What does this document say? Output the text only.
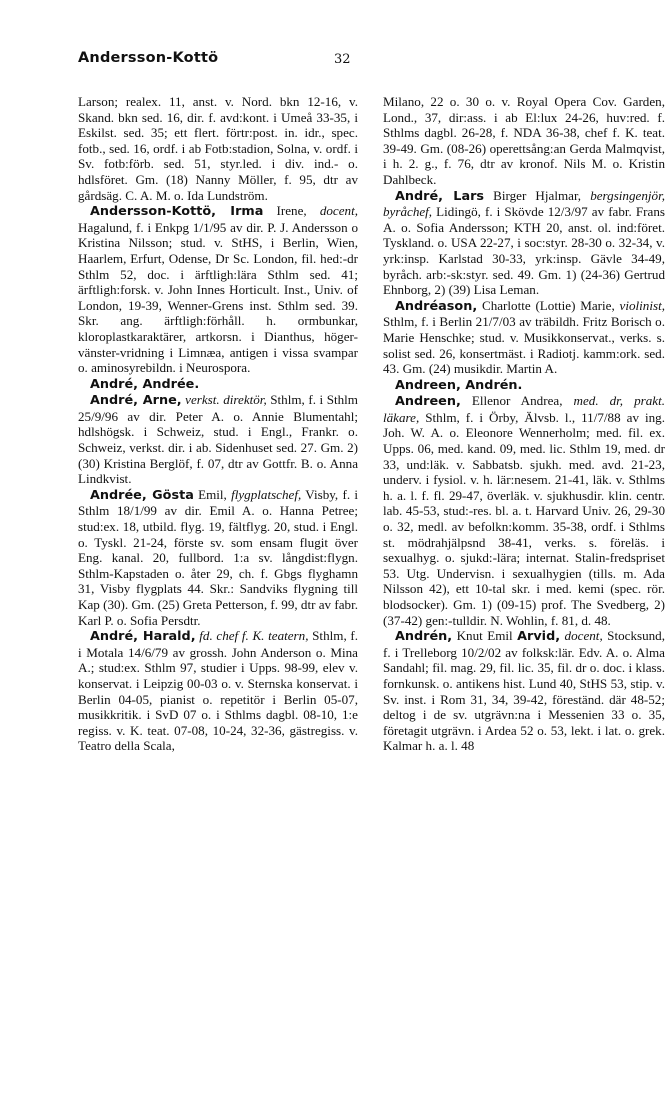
Andersson-Kottö	32

Larson; realex. 11, anst. v. Nord. bkn 12-16, v. Skand. bkn sed. 16, dir. f. avd:kont. i Umeå 33-35, i Eskilst. sed. 35; ett flert. förtr:post. in. idr., spec. fotb., sed. 16, ordf. i ab Fotb:stadion, Solna, v. ordf. i Sv. fotb:förb. sed. 51, styr.led. i div. ind.- o. hdlsföret. Gm. (18) Nanny Möller, f. 95, dtr av gårdsäg. C. A. M. o. Ida Lundström.

Andersson-Kottö, Irma Irene, docent, Hagalund, f. i Enkpg 1/1/95 av dir. P. J. Andersson o Kristina Nilsson; stud. v. StHS, i Berlin, Wien, Haarlem, Erfurt, Odense, Dr Sc. London, fil. hed:-dr Sthlm 52, doc. i ärftligh:lära Sthlm sed. 41; ärftligh:forsk. v. John Innes Horticult. Inst., Univ. of London, 19-39, Wenner-Grens inst. Sthlm sed. 39. Skr. ang. ärftligh:förhåll. h. ormbunkar, kloroplastkaraktärer, artkorsn. i Dianthus, höger-vänster-vridning i Limnæa, antigen i vissa svampar o. aminosyrebildn. i Neurospora.

André, Andrée.

André, Arne, verkst. direktör, Sthlm, f. i Sthlm 25/9/96 av dir. Peter A. o. Annie Blumentahl; hdlshögsk. i Schweiz, stud. i Engl., Frankr. o. Schweiz, verkst. dir. i ab. Sidenhuset sed. 27. Gm. 2) (30) Kristina Berglöf, f. 07, dtr av Gottfr. B. o. Anna Lindkvist.

Andrée, Gösta Emil, flygplatschef, Visby, f. i Sthlm 18/1/99 av dir. Emil A. o. Hanna Petree; stud:ex. 18, utbild. flyg. 19, fältflyg. 20, stud. i Engl. o. Tyskl. 21-24, förste sv. som ensam flugit över Eng. kanal. 20, fullbord. 1:a sv. långdist:flygn. Sthlm-Kapstaden o. åter 29, ch. f. Gbgs flyghamn 31, Visby flygplats 44. Skr.: Sandviks flygning till Kap (30). Gm. (25) Greta Petterson, f. 99, dtr av fabr. Karl P. o. Sofia Persdtr.

André, Harald, fd. chef f. K. teatern, Sthlm, f. i Motala 14/6/79 av grossh. John Anderson o. Mina A.; stud:ex. Sthlm 97, studier i Upps. 98-99, elev v. konservat. i Leipzig 00-03 o. v. Sternska konservat. i Berlin 04-05, pianist o. repetitör i Berlin 05-07, musikkritik. i SvD 07 o. i Sthlms dagbl. 08-10, 1:e regiss. v. K. teat. 07-08, 10-24, 32-36, gästregiss. v. Teatro della Scala,

Milano, 22 o. 30 o. v. Royal Opera Cov. Garden, Lond., 37, dir:ass. i ab El:lux 24-26, huv:red. f. Sthlms dagbl. 26-28, f. NDA 36-38, chef f. K. teat. 39-49. Gm. (08-26) operettsång:an Gerda Malmqvist, i h. 2. g., f. 76, dtr av kronof. Nils M. o. Kristin Dahlbeck.

André, Lars Birger Hjalmar, bergsingenjör, byråchef, Lidingö, f. i Skövde 12/3/97 av fabr. Frans A. o. Sofia Andersson; KTH 20, anst. ol. ind:föret. Tyskland. o. USA 22-27, i soc:styr. 28-30 o. 32-34, v. yrk:insp. Karlstad 30-33, yrk:insp. Gävle 34-49, byråch. arb:-sk:styr. sed. 49. Gm. 1) (24-36) Gertrud Ehnborg, 2) (39) Lisa Leman.

Andréason, Charlotte (Lottie) Marie, violinist, Sthlm, f. i Berlin 21/7/03 av träbildh. Fritz Borisch o. Marie Henschke; stud. v. Musikkonservat., verks. s. solist sed. 26, konsertmäst. i Radiotj. kamm:ork. sed. 43. Gm. (24) musikdir. Martin A.

Andreen, Andrén.

Andreen, Ellenor Andrea, med. dr, prakt. läkare, Sthlm, f. i Örby, Älvsb. l., 11/7/88 av ing. Joh. W. A. o. Eleonore Wennerholm; med. fil. ex. Upps. 06, med. kand. 09, med. lic. Sthlm 19, med. dr 33, und:läk. v. Sabbatsb. sjukh. med. avd. 21-23, underv. i fysiol. v. h. lär:nesem. 21-41, läk. v. Sthlms h. a. l. f. fl. 29-47, överläk. v. sjukhusdir. klin. centr. lab. 45-53, stud:-res. bl. a. t. Harvard Univ. 26, 29-30 o. 32, medl. av befolkn:komm. 35-38, ordf. i Sthlms st. mödrahjälpsnd 38-41, verks. s. föreläs. i sexualhyg. o. sjukd:-lära; internat. Stalin-fredspriset 53. Utg. Undervisn. i sexualhygien (tills. m. Ada Nilsson 42), ett 10-tal skr. i med. kemi (spec. rör. blodsocker). Gm. 1) (09-15) prof. The Svedberg, 2) (37-42) gen:-tulldir. N. Wohlin, f. 81, d. 48.

Andrén, Knut Emil Arvid, docent, Stocksund, f. i Trelleborg 10/2/02 av folksk:lär. Edv. A. o. Alma Sandahl; fil. mag. 29, fil. lic. 35, fil. dr o. doc. i klass. fornkunsk. o. antikens hist. Lund 40, StHS 53, stip. v. Sv. inst. i Rom 31, 34, 39-42, föreständ. där 48-52; deltog i de sv. utgrävn:na i Messenien 33 o. 35, företagit utgrävn. i Ardea 52 o. 53, lekt. i lat. o. grek. Kalmar h. a. l. 48
